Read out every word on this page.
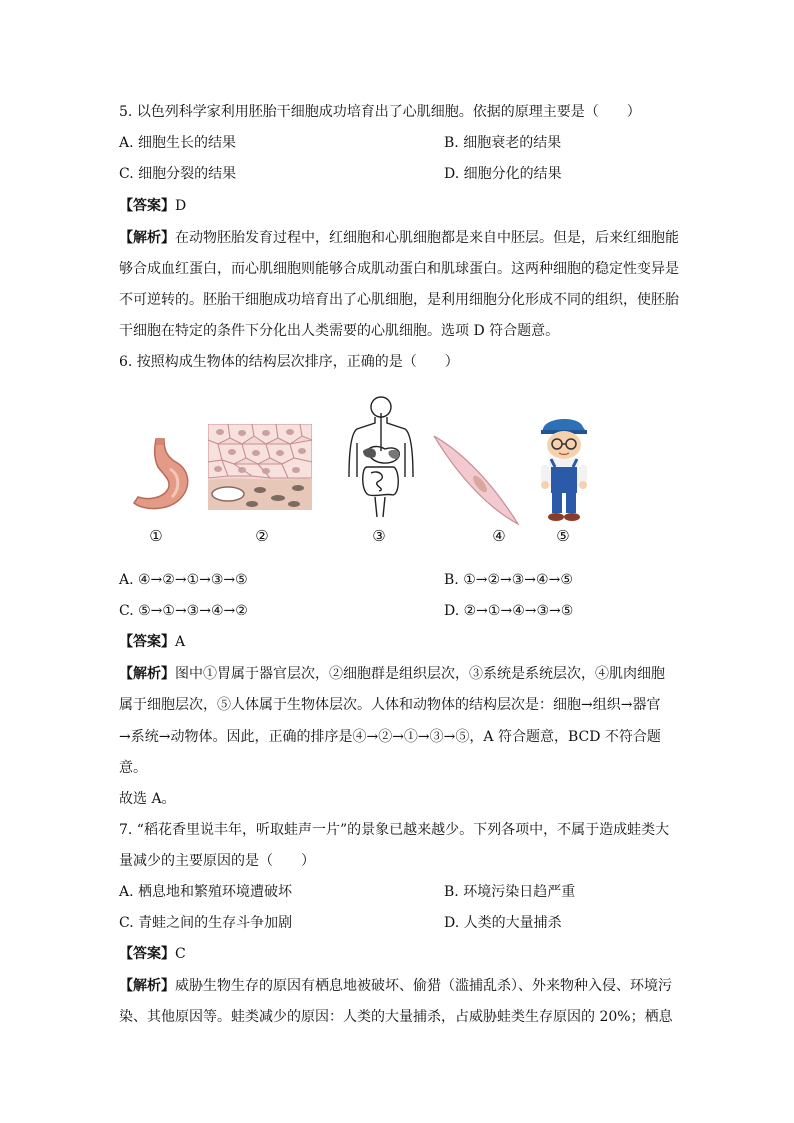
5. 以色列科学家利用胚胎干细胞成功培育出了心肌细胞。依据的原理主要是（　　）
A. 细胞生长的结果	B. 细胞衰老的结果
C. 细胞分裂的结果	D. 细胞分化的结果
【答案】D
【解析】在动物胚胎发育过程中，红细胞和心肌细胞都是来自中胚层。但是，后来红细胞能
够合成血红蛋白，而心肌细胞则能够合成肌动蛋白和肌球蛋白。这两种细胞的稳定性变异是
不可逆转的。胚胎干细胞成功培育出了心肌细胞，是利用细胞分化形成不同的组织，使胚胎
干细胞在特定的条件下分化出人类需要的心肌细胞。选项 D 符合题意。
6. 按照构成生物体的结构层次排序，正确的是（　　）
①	②	③	④	⑤
A. ④→②→①→③→⑤	B. ①→②→③→④→⑤
C. ⑤→①→③→④→②	D. ②→①→④→③→⑤
【答案】A
【解析】图中①胃属于器官层次，②细胞群是组织层次，③系统是系统层次，④肌肉细胞
属于细胞层次，⑤人体属于生物体层次。人体和动物体的结构层次是：细胞→组织→器官
→系统→动物体。因此，正确的排序是④→②→①→③→⑤，A 符合题意，BCD 不符合题
意。
故选 A。
7. “稻花香里说丰年，听取蛙声一片”的景象已越来越少。下列各项中，不属于造成蛙类大
量减少的主要原因的是（　　）
A. 栖息地和繁殖环境遭破坏	B. 环境污染日趋严重
C. 青蛙之间的生存斗争加剧	D. 人类的大量捕杀
【答案】C
【解析】威胁生物生存的原因有栖息地被破坏、偷猎（滥捕乱杀）、外来物种入侵、环境污
染、其他原因等。蛙类减少的原因：人类的大量捕杀，占威胁蛙类生存原因的 20%；栖息
